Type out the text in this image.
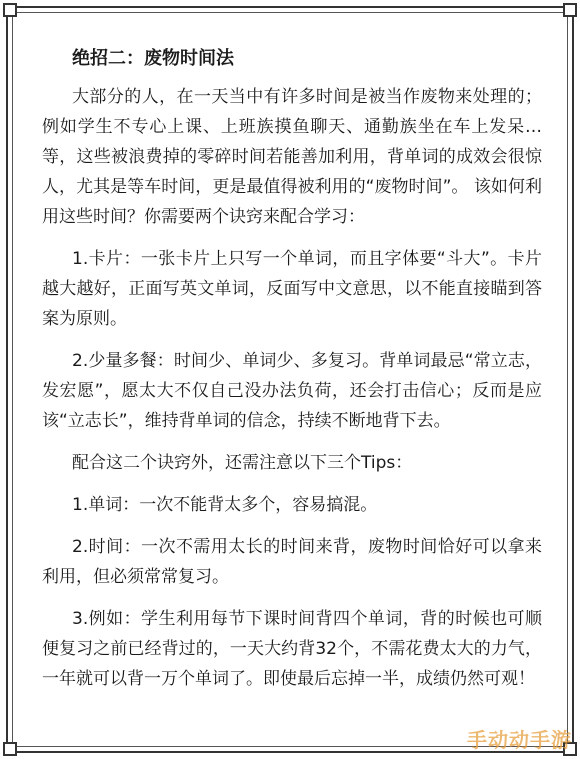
绝招二：废物时间法

大部分的人，在一天当中有许多时间是被当作废物来处理的；例如学生不专心上课、上班族摸鱼聊天、通勤族坐在车上发呆…等，这些被浪费掉的零碎时间若能善加利用，背单词的成效会很惊人，尤其是等车时间，更是最值得被利用的“废物时间”。 该如何利用这些时间？你需要两个诀窍来配合学习：

1.卡片：一张卡片上只写一个单词，而且字体要“斗大”。卡片越大越好，正面写英文单词，反面写中文意思，以不能直接瞄到答案为原则。

2.少量多餐：时间少、单词少、多复习。背单词最忌“常立志，发宏愿”，愿太大不仅自己没办法负荷，还会打击信心；反而是应该“立志长”，维持背单词的信念，持续不断地背下去。

配合这二个诀窍外，还需注意以下三个Tips：

1.单词：一次不能背太多个，容易搞混。

2.时间：一次不需用太长的时间来背，废物时间恰好可以拿来利用，但必须常常复习。

3.例如：学生利用每节下课时间背四个单词，背的时候也可顺便复习之前已经背过的，一天大约背32个，不需花费太大的力气，一年就可以背一万个单词了。即使最后忘掉一半，成绩仍然可观！

手动动手游
